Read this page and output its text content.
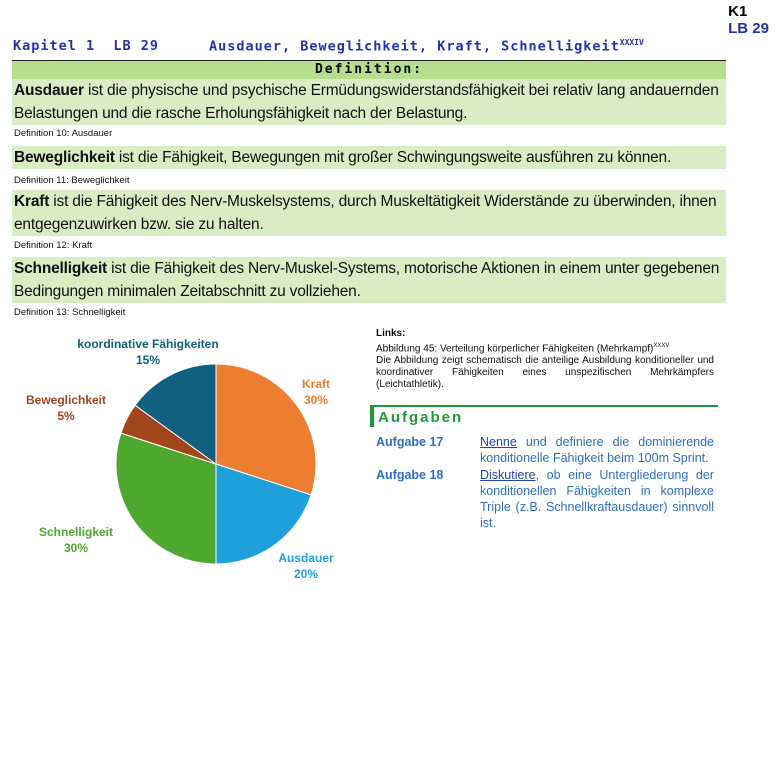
K1
LB 29
Kapitel 1  LB 29	Ausdauer, Beweglichkeit, Kraft, Schnelligkeit$^{XXXIV}$
Definition:
Ausdauer ist die physische und psychische Ermüdungswiderstandsfähigkeit bei relativ lang andauernden Belastungen und die rasche Erholungsfähigkeit nach der Belastung.
Definition 10: Ausdauer
Beweglichkeit ist die Fähigkeit, Bewegungen mit großer Schwingungsweite ausführen zu können.
Definition 11: Beweglichkeit
Kraft ist die Fähigkeit des Nerv-Muskelsystems, durch Muskeltätigkeit Widerstände zu überwinden, ihnen entgegenzuwirken bzw. sie zu halten.
Definition 12: Kraft
Schnelligkeit ist die Fähigkeit des Nerv-Muskel-Systems, motorische Aktionen in einem unter gegebenen Bedingungen minimalen Zeitabschnitt zu vollziehen.
Definition 13: Schnelligkeit
Kraft
30%
Ausdauer
20%
Schnelligkeit
30%
Beweglichkeit
5%
koordinative Fähigkeiten
15%
Links:
Abbildung 45: Verteilung körperlicher Fähigkeiten (Mehrkampf)$^{XXXV}$
Die Abbildung zeigt schematisch die anteilige Ausbildung konditioneller und koordinativer Fähigkeiten eines unspezifischen Mehrkämpfers (Leichtathletik).
Aufgaben
Aufgabe 17	Nenne und definiere die dominierende konditionelle Fähigkeit beim 100m Sprint.
Aufgabe 18	Diskutiere, ob eine Untergliederung der konditionellen Fähigkeiten in komplexe Triple (z.B. Schnellkraftausdauer) sinnvoll ist.
